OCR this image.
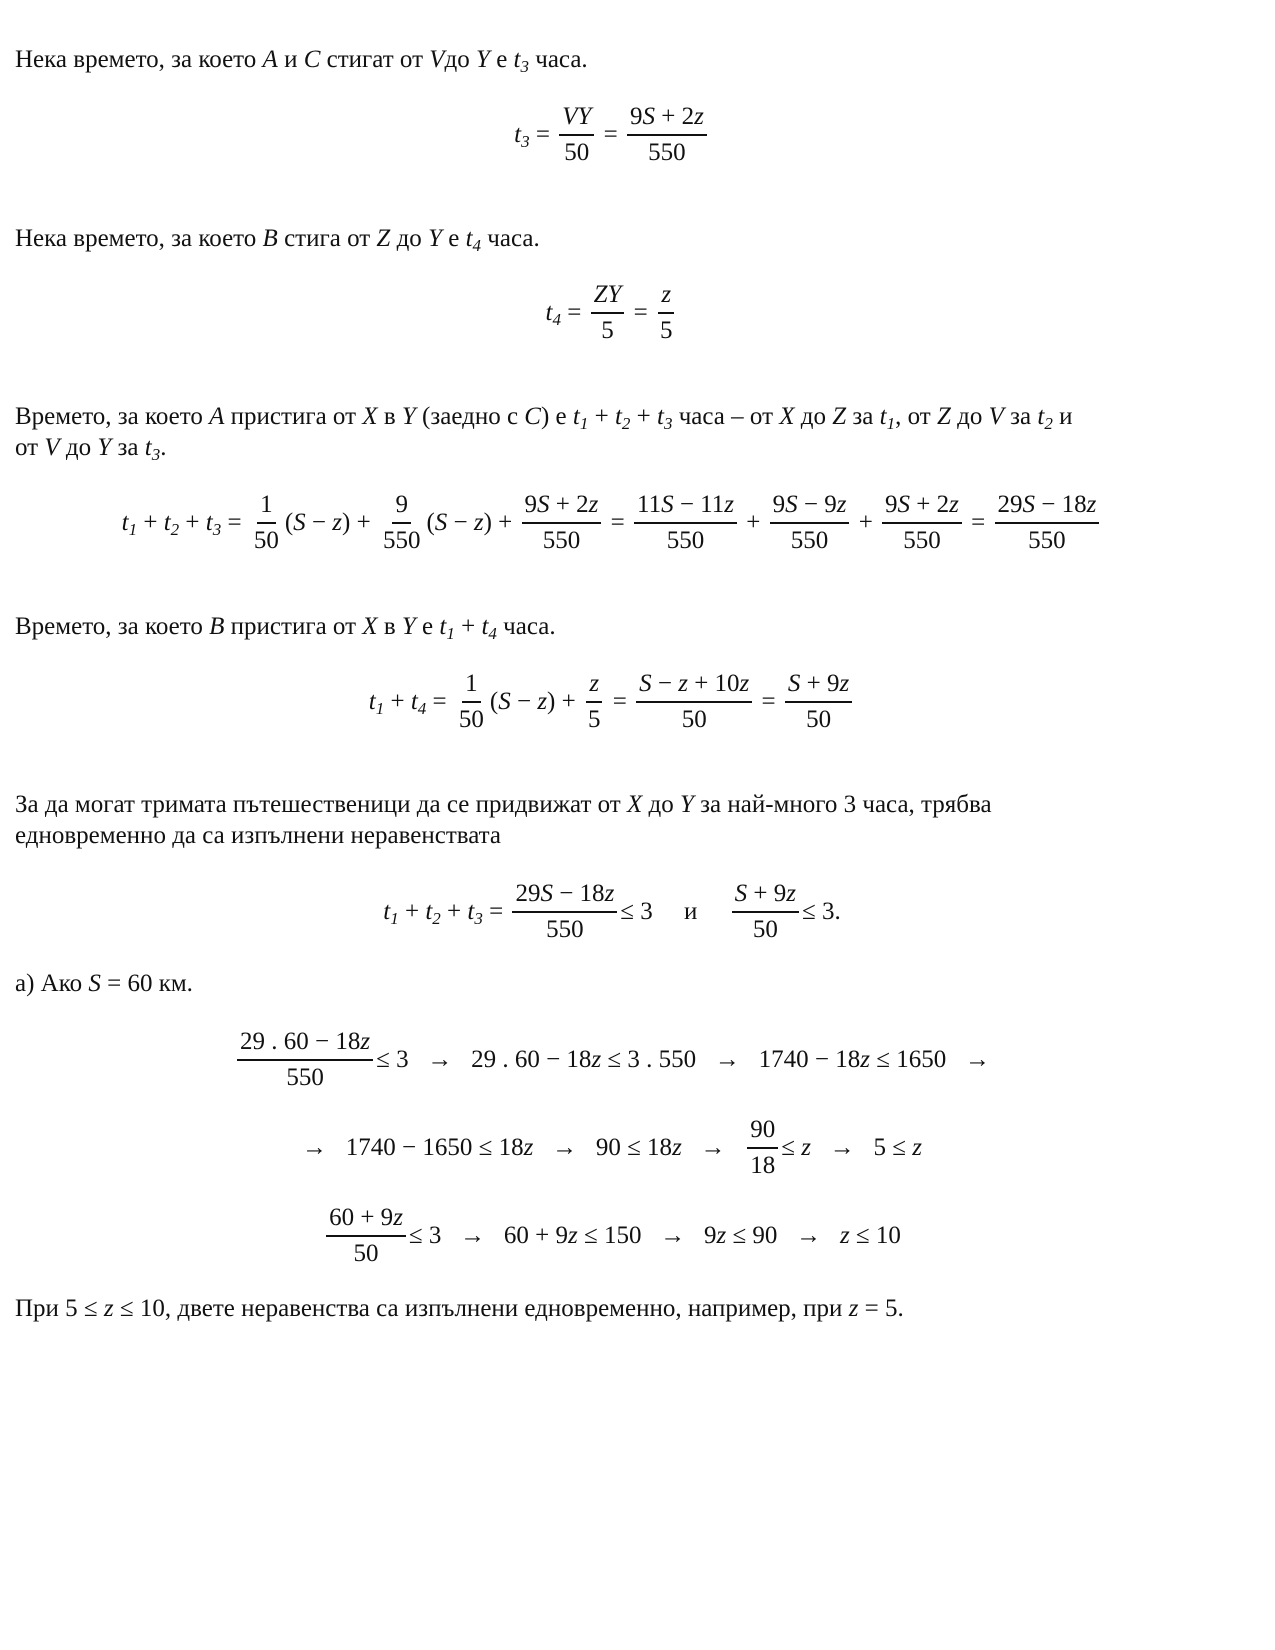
Нека времето, за което A и C стигат от Vдо Y е $t_3$ часа.
$t_3 = \frac{VY}{50} = \frac{9S + 2z}{550}$
Нека времето, за което B стига от Z до Y е $t_4$ часа.
$t_4 = \frac{ZY}{5} = \frac{z}{5}$
Времето, за което A пристига от X в Y (заедно с C) е $t_1 + t_2 + t_3$ часа – от X до Z за $t_1$, от Z до V за $t_2$ и
от V до Y за $t_3$.
$t_1 + t_2 + t_3 = \frac{1}{50}$ ( S − z ) + $\frac{9}{550}$ ( S − z ) + $\frac{9S + 2z}{550} = \frac{11S - 11z}{550} + \frac{9S - 9z}{550} + \frac{9S + 2z}{550} = \frac{29S - 18z}{550}$
Времето, за което B пристига от X в Y е $t_1 + t_4$ часа.
$t_1 + t_4 = \frac{1}{50}$ ( S − z ) + $\frac{z}{5} = \frac{S - z + 10z}{50} = \frac{S + 9z}{50}$
За да могат тримата пътешественици да се придвижат от X до Y за най-много 3 часа, трябва
едновременно да са изпълнени неравенствата
$t_1 + t_2 + t_3 = \frac{29S - 18z}{550} \le 3$     и $\frac{S + 9z}{50} \le 3$.
а) Ако S = 60 км.
$\frac{29 . 60 - 18z}{550} \le 3 \to 29$ . 60 − 18 z ≤ 3 . 550   →   1740 − 18 z ≤ 1650   →
→   1740 − 1650 ≤ 18 z →   90 ≤ 18 $z \to \frac{90}{18} \le z \to 5 \le z$
$\frac{60 + 9z}{50} \le 3 \to 60 + 9$ z ≤ 150   →   9 z ≤ 90   → z ≤ 10
При 5 ≤ z ≤ 10, двете неравенства са изпълнени едновременно, например, при z = 5.
